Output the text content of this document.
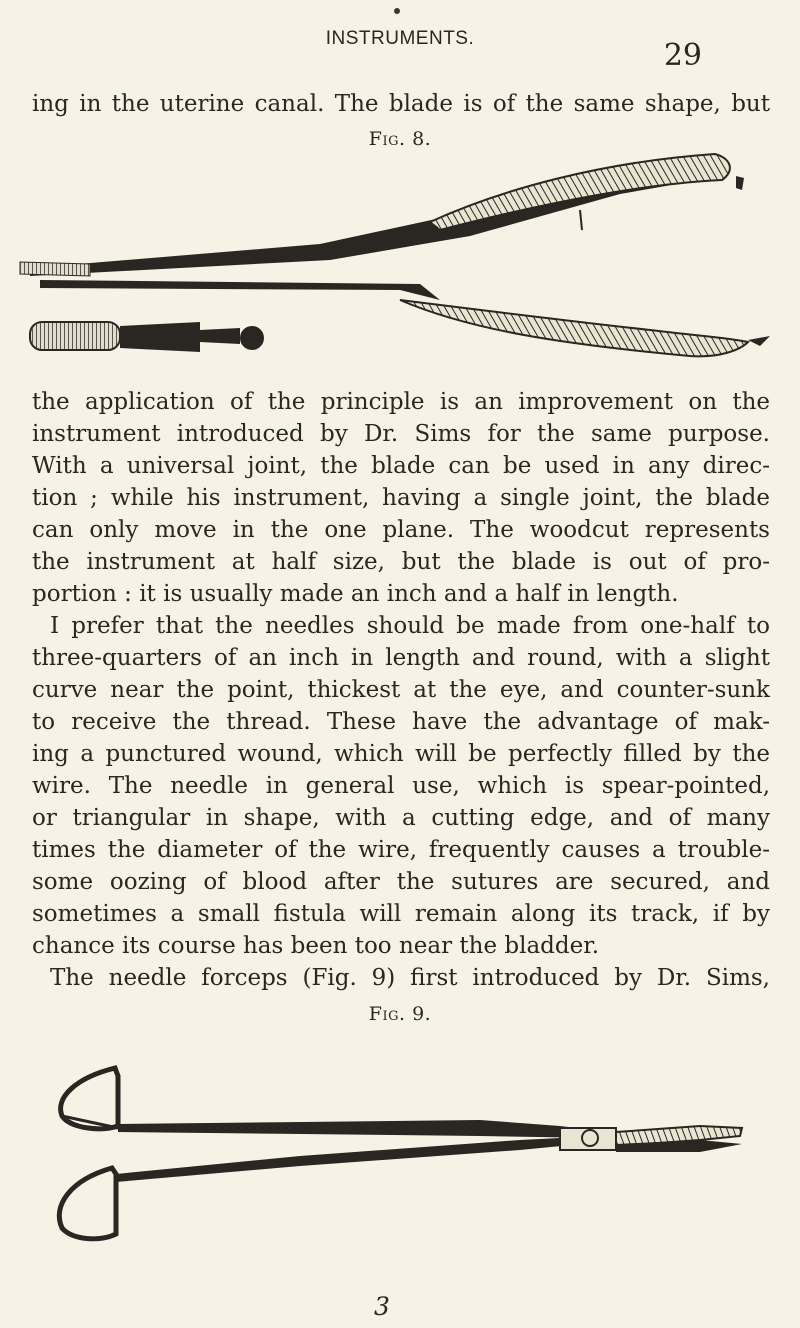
INSTRUMENTS.	29
ing in the uterine canal. The blade is of the same shape, but
Fig. 8.
the application of the principle is an improvement on the
instrument introduced by Dr. Sims for the same purpose.
With a universal joint, the blade can be used in any direc-
tion ; while his instrument, having a single joint, the blade
can only move in the one plane. The woodcut represents
the instrument at half size, but the blade is out of pro-
portion : it is usually made an inch and a half in length.
I prefer that the needles should be made from one-half to
three-quarters of an inch in length and round, with a slight
curve near the point, thickest at the eye, and counter-sunk
to receive the thread. These have the advantage of mak-
ing a punctured wound, which will be perfectly filled by the
wire. The needle in general use, which is spear-pointed,
or triangular in shape, with a cutting edge, and of many
times the diameter of the wire, frequently causes a trouble-
some oozing of blood after the sutures are secured, and
sometimes a small fistula will remain along its track, if by
chance its course has been too near the bladder.
The needle forceps (Fig. 9) first introduced by Dr. Sims,
Fig. 9.
3
